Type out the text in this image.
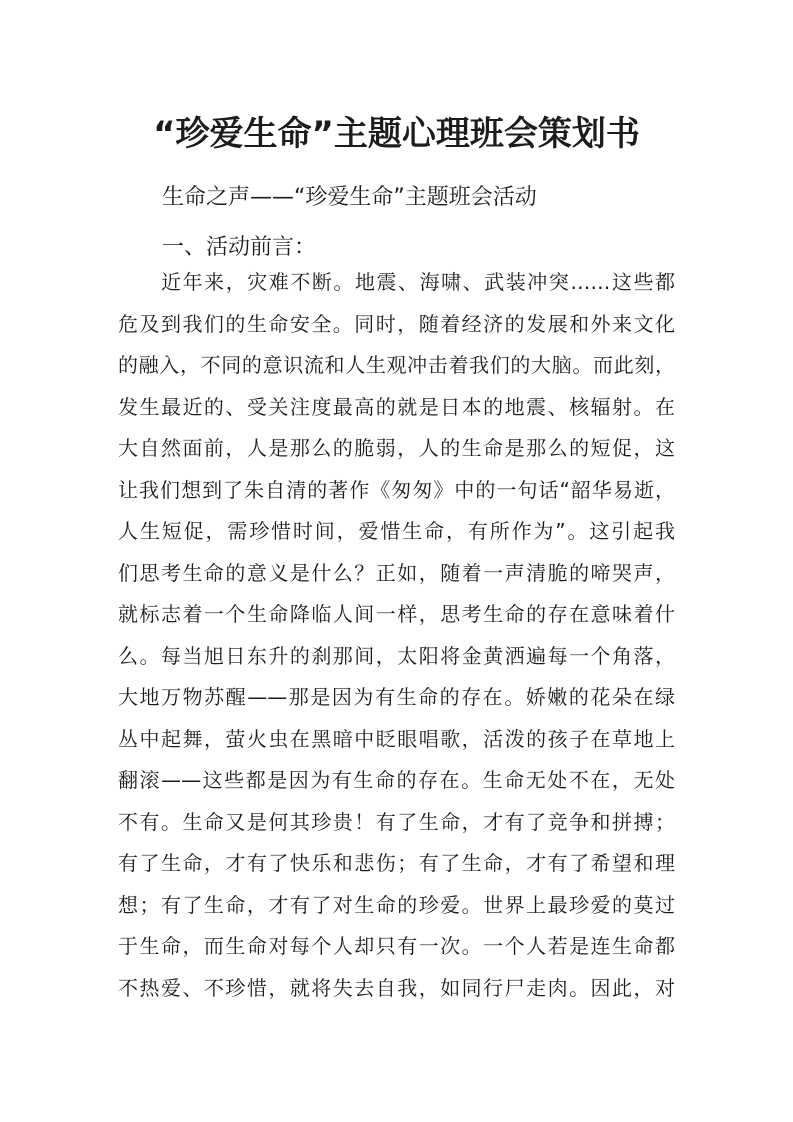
“珍爱生命”主题心理班会策划书

生命之声——“珍爱生命”主题班会活动

一、活动前言：

　　近年来，灾难不断。地震、海啸、武装冲突……这些都
危及到我们的生命安全。同时，随着经济的发展和外来文化
的融入，不同的意识流和人生观冲击着我们的大脑。而此刻，
发生最近的、受关注度最高的就是日本的地震、核辐射。在
大自然面前，人是那么的脆弱，人的生命是那么的短促，这
让我们想到了朱自清的著作《匆匆》中的一句话“韶华易逝，
人生短促，需珍惜时间，爱惜生命，有所作为”。这引起我
们思考生命的意义是什么？正如，随着一声清脆的啼哭声，
就标志着一个生命降临人间一样，思考生命的存在意味着什
么。每当旭日东升的刹那间，太阳将金黄洒遍每一个角落，
大地万物苏醒——那是因为有生命的存在。娇嫩的花朵在绿
丛中起舞，萤火虫在黑暗中眨眼唱歌，活泼的孩子在草地上
翻滚——这些都是因为有生命的存在。生命无处不在，无处
不有。生命又是何其珍贵！有了生命，才有了竞争和拼搏；
有了生命，才有了快乐和悲伤；有了生命，才有了希望和理
想；有了生命，才有了对生命的珍爱。世界上最珍爱的莫过
于生命，而生命对每个人却只有一次。一个人若是连生命都
不热爱、不珍惜，就将失去自我，如同行尸走肉。因此，对
